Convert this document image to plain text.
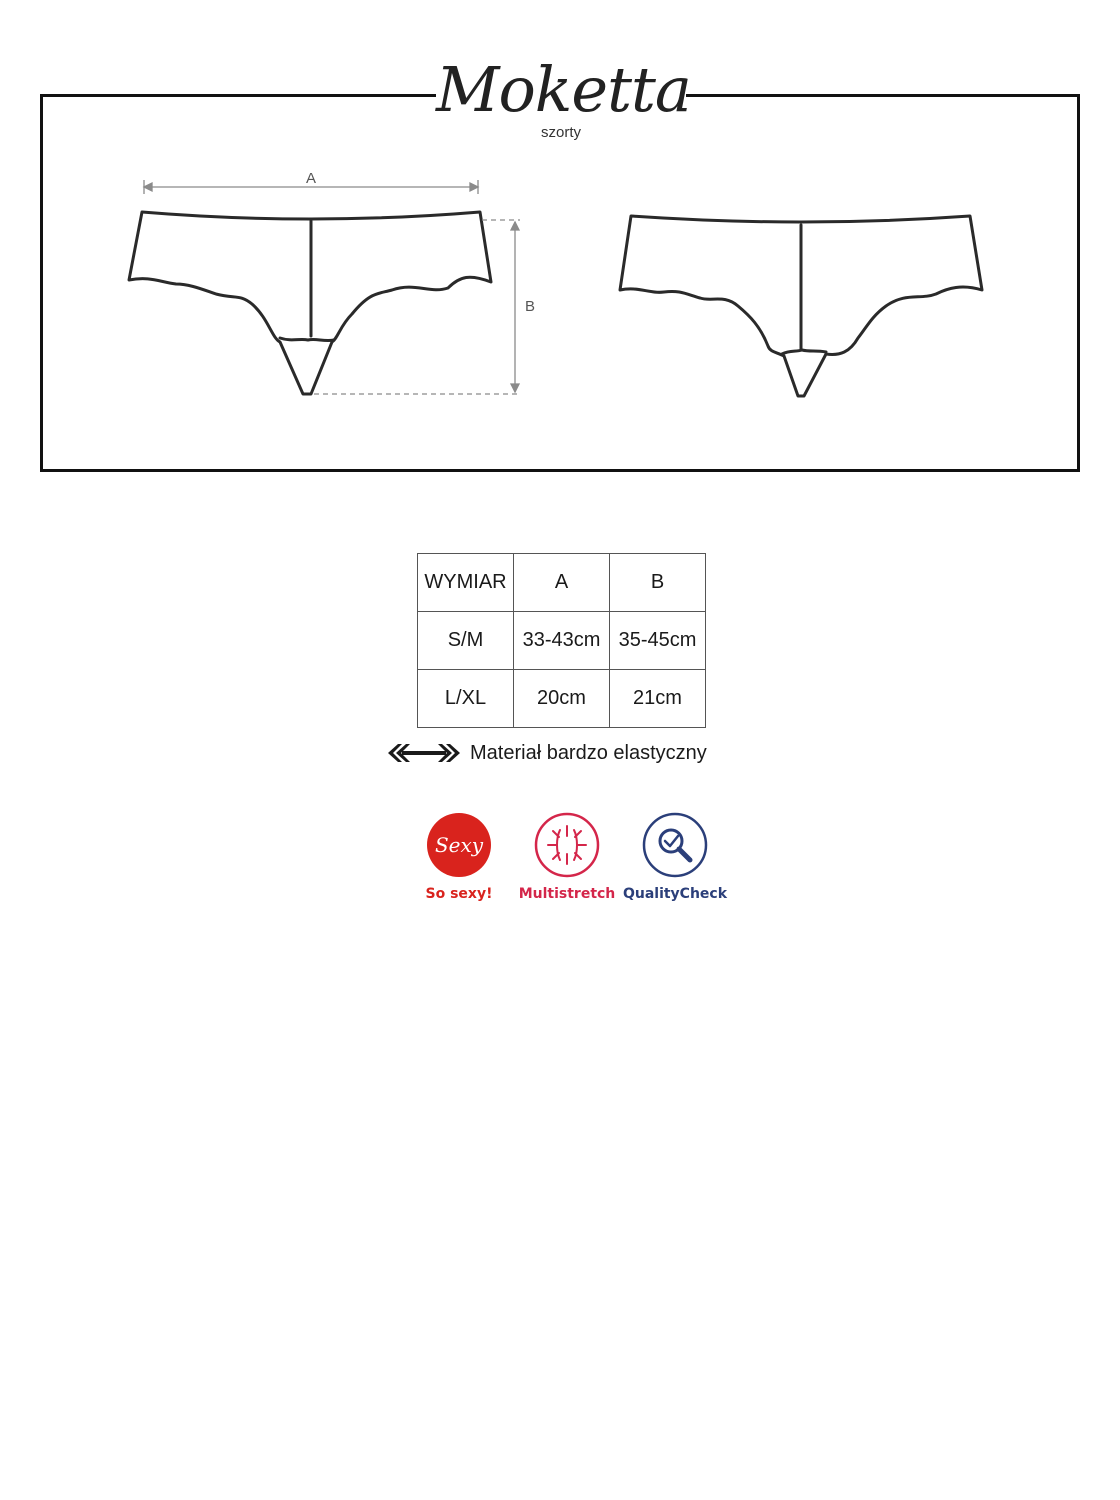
Moketta
szorty
A
B
WYMIAR	A	B
S/M	33-43cm	35-45cm
L/XL	20cm	21cm
Materiał bardzo elastyczny
Sexy
So sexy!	Multistretch QualityCheck
